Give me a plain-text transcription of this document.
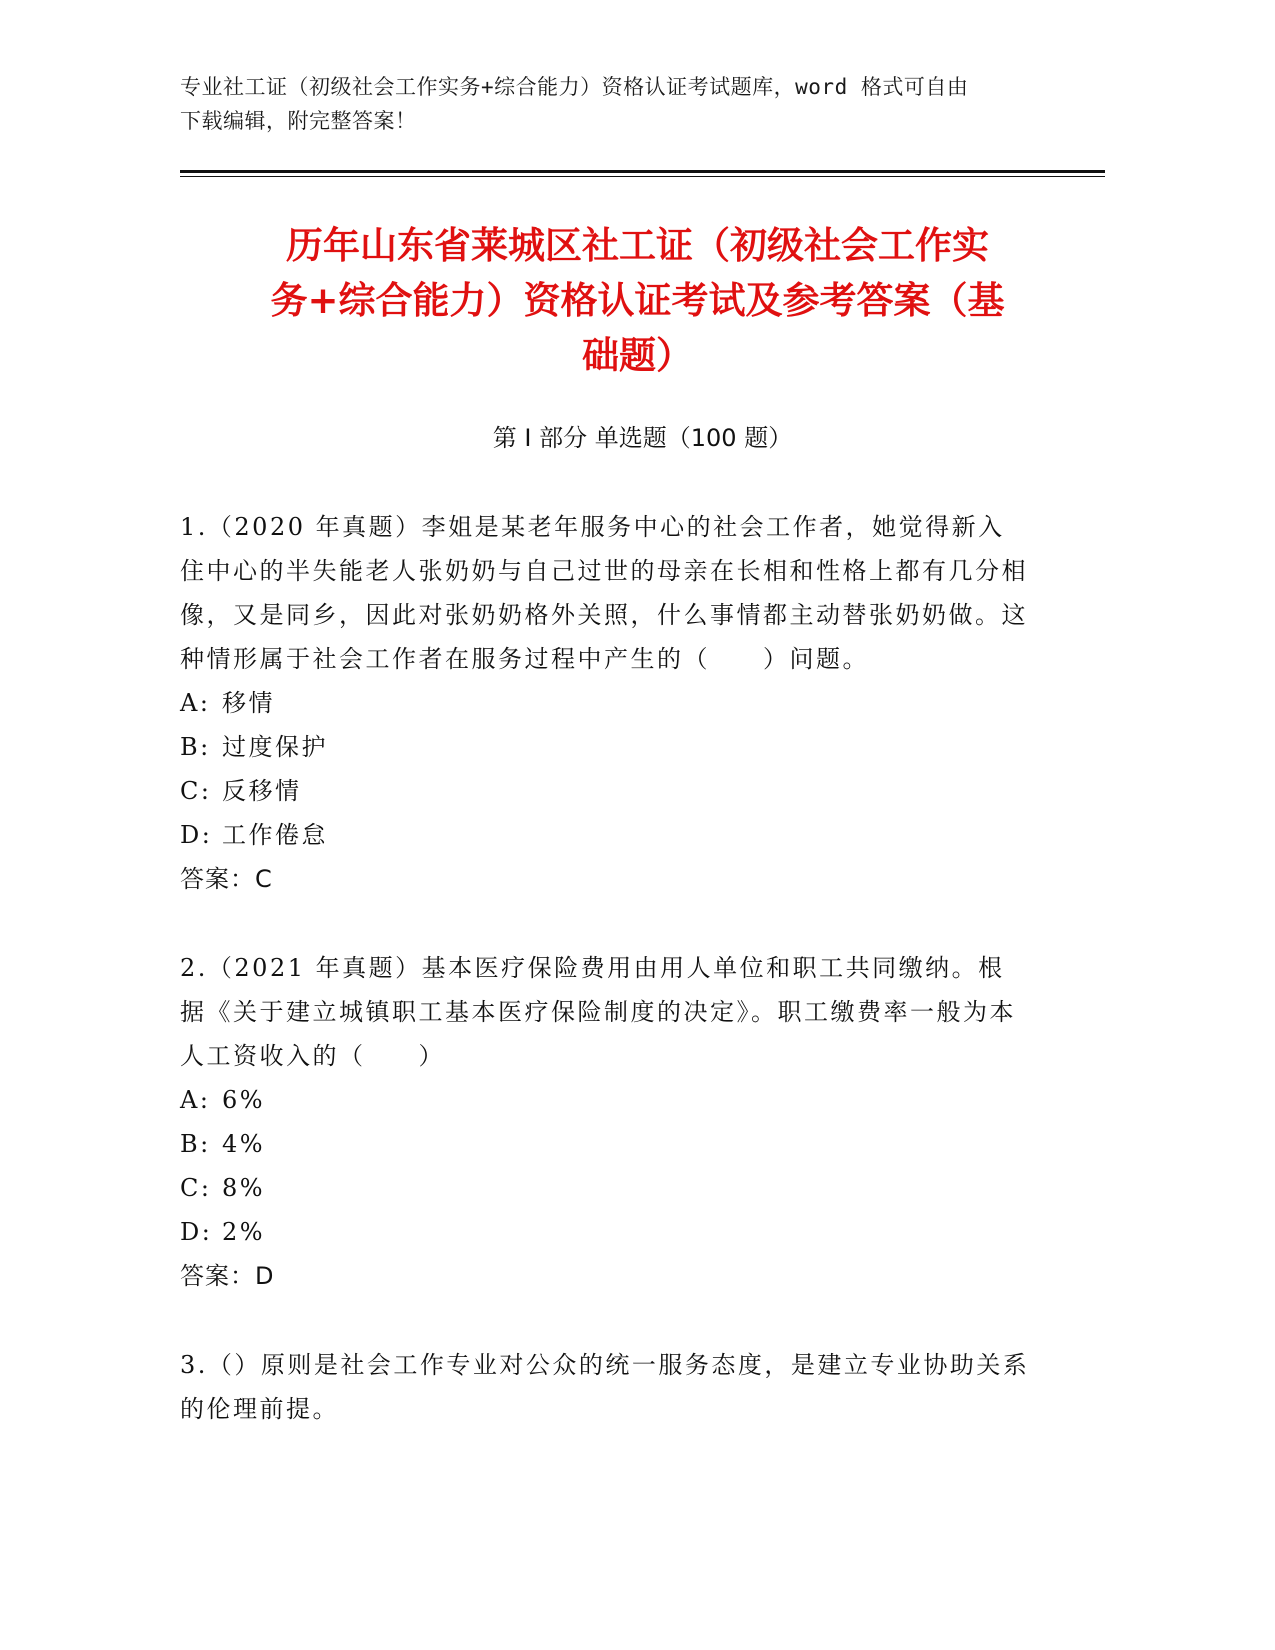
专业社工证（初级社会工作实务+综合能力）资格认证考试题库，word 格式可自由
下载编辑，附完整答案！
历年山东省莱城区社工证（初级社会工作实
务+综合能力）资格认证考试及参考答案（基
础题）
第 I 部分 单选题（100 题）

1.（2020 年真题）李姐是某老年服务中心的社会工作者，她觉得新入住中心的半失能老人张奶奶与自己过世的母亲在长相和性格上都有几分相像，又是同乡，因此对张奶奶格外关照，什么事情都主动替张奶奶做。这种情形属于社会工作者在服务过程中产生的（　　）问题。

A: 移情

B: 过度保护

C: 反移情

D: 工作倦怠

答案：C

2.（2021 年真题）基本医疗保险费用由用人单位和职工共同缴纳。根据《关于建立城镇职工基本医疗保险制度的决定》。职工缴费率一般为本人工资收入的（　　）

A: 6%

B: 4%

C: 8%

D: 2%

答案：D

3.（）原则是社会工作专业对公众的统一服务态度，是建立专业协助关系的伦理前提。
